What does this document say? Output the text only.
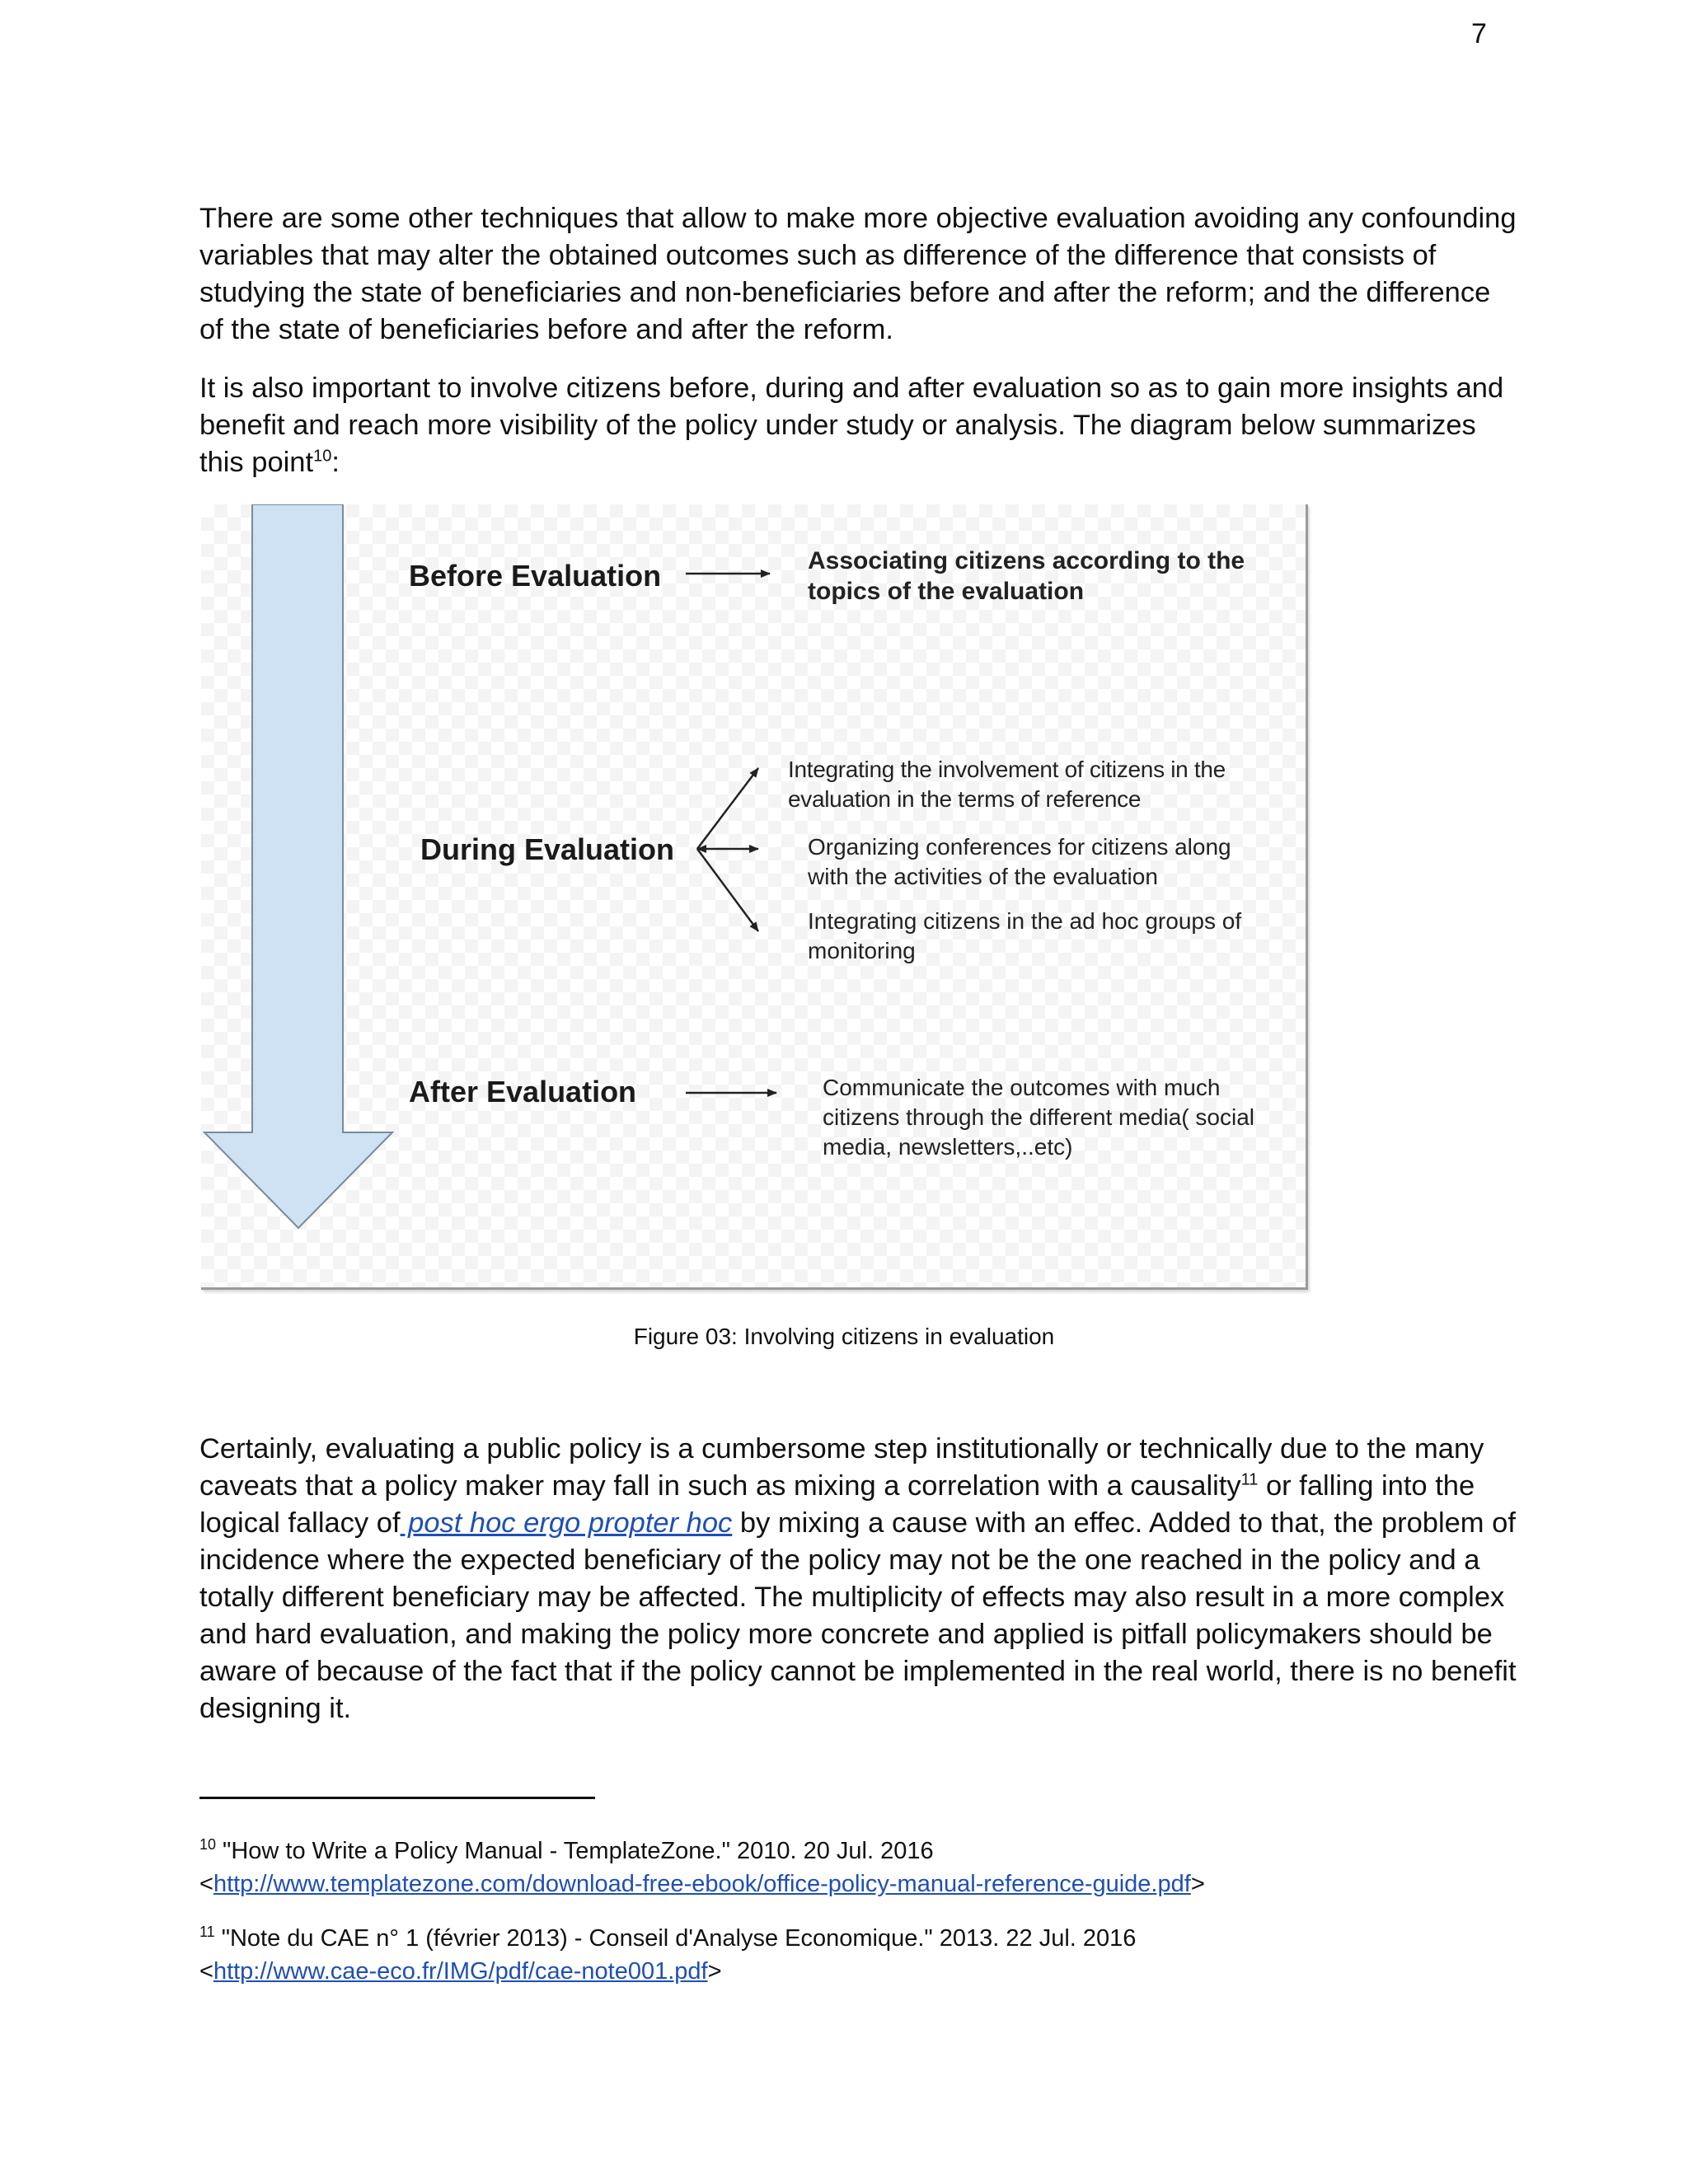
7

There are some other techniques that allow to make more objective evaluation avoiding any confounding variables that may alter the obtained outcomes such as difference of the difference that consists of studying the state of beneficiaries and non-beneficiaries before and after the reform; and the difference of the state of beneficiaries before and after the reform.

It is also important to involve citizens before, during and after evaluation so as to gain more insights and benefit and reach more visibility of the policy under study or analysis. The diagram below summarizes this point$^{10}$:

Before Evaluation	Associating citizens according to the topics of the evaluation
During Evaluation
Integrating the involvement of citizens in the evaluation in the terms of reference
Organizing conferences for citizens along with the activities of the evaluation
Integrating citizens in the ad hoc groups of monitoring
After Evaluation	Communicate the outcomes with much citizens through the different media( social media, newsletters,..etc)
Figure 03: Involving citizens in evaluation

Certainly, evaluating a public policy is a cumbersome step institutionally or technically due to the many caveats that a policy maker may fall in such as mixing a correlation with a causality$^{11}$ or falling into the logical fallacy of post hoc ergo propter hoc by mixing a cause with an effec. Added to that, the problem of incidence where the expected beneficiary of the policy may not be the one reached in the policy and a totally different beneficiary may be affected. The multiplicity of effects may also result in a more complex and hard evaluation, and making the policy more concrete and applied is pitfall policymakers should be aware of because of the fact that if the policy cannot be implemented in the real world, there is no benefit designing it.

$^{10}$ "How to Write a Policy Manual - TemplateZone." 2010. 20 Jul. 2016
<http://www.templatezone.com/download-free-ebook/office-policy-manual-reference-guide.pdf>

$^{11}$ "Note du CAE n° 1 (février 2013) - Conseil d'Analyse Economique." 2013. 22 Jul. 2016
<http://www.cae-eco.fr/IMG/pdf/cae-note001.pdf>
